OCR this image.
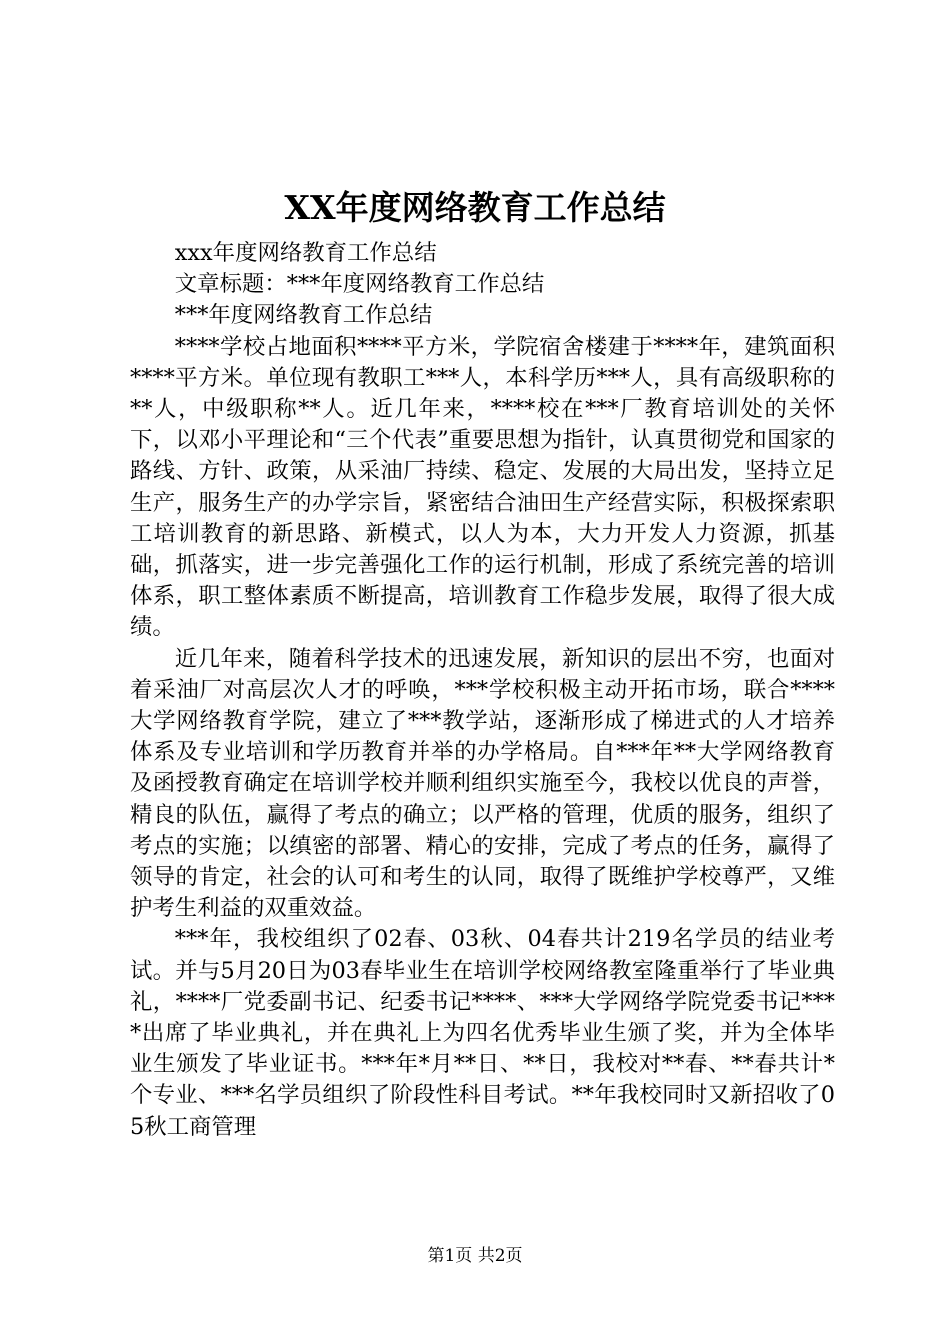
XX年度网络教育工作总结

xxx年度网络教育工作总结

文章标题：***年度网络教育工作总结

***年度网络教育工作总结

****学校占地面积****平方米，学院宿舍楼建于****年，建筑面积****平方米。单位现有教职工***人，本科学历***人，具有高级职称的**人，中级职称**人。近几年来，****校在***厂教育培训处的关怀下，以邓小平理论和“三个代表”重要思想为指针，认真贯彻党和国家的路线、方针、政策，从采油厂持续、稳定、发展的大局出发，坚持立足生产，服务生产的办学宗旨，紧密结合油田生产经营实际，积极探索职工培训教育的新思路、新模式，以人为本，大力开发人力资源，抓基础，抓落实，进一步完善强化工作的运行机制，形成了系统完善的培训体系，职工整体素质不断提高，培训教育工作稳步发展，取得了很大成绩。

近几年来，随着科学技术的迅速发展，新知识的层出不穷，也面对着采油厂对高层次人才的呼唤，***学校积极主动开拓市场，联合****大学网络教育学院，建立了***教学站，逐渐形成了梯进式的人才培养体系及专业培训和学历教育并举的办学格局。自***年**大学网络教育及函授教育确定在培训学校并顺利组织实施至今，我校以优良的声誉，精良的队伍，赢得了考点的确立；以严格的管理，优质的服务，组织了考点的实施；以缜密的部署、精心的安排，完成了考点的任务，赢得了领导的肯定，社会的认可和考生的认同，取得了既维护学校尊严，又维护考生利益的双重效益。

***年，我校组织了02春、03秋、04春共计219名学员的结业考试。并与5月20日为03春毕业生在培训学校网络教室隆重举行了毕业典礼，****厂党委副书记、纪委书记****、***大学网络学院党委书记****出席了毕业典礼，并在典礼上为四名优秀毕业生颁了奖，并为全体毕业生颁发了毕业证书。***年*月**日、**日，我校对**春、**春共计*个专业、***名学员组织了阶段性科目考试。**年我校同时又新招收了05秋工商管理

第1页 共2页
